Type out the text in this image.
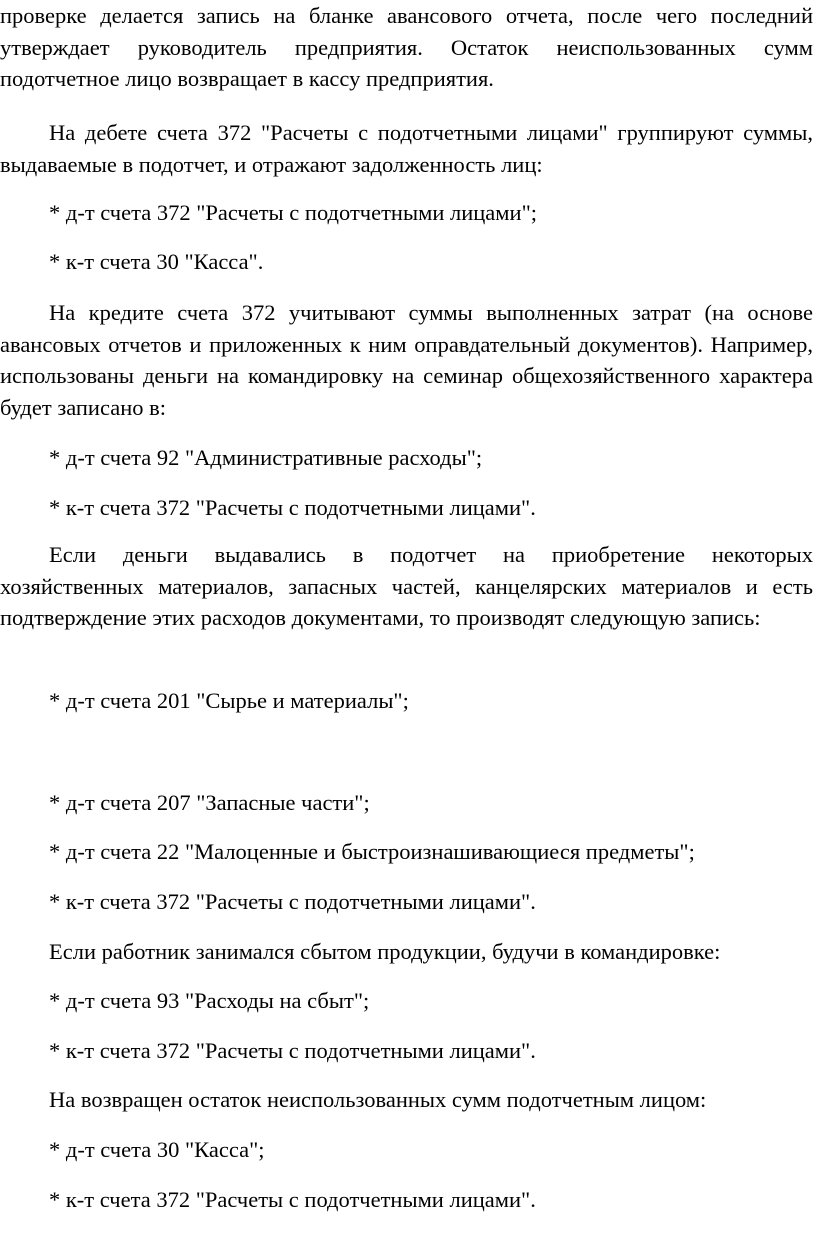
проверке делается запись на бланке авансового отчета, после чего последний утверждает руководитель предприятия. Остаток неиспользованных сумм подотчетное лицо возвращает в кассу предприятия.

На дебете счета 372 "Расчеты с подотчетными лицами" группируют суммы, выдаваемые в подотчет, и отражают задолженность лиц:

* д-т счета 372 "Расчеты с подотчетными лицами";

* к-т счета 30 "Касса".

На кредите счета 372 учитывают суммы выполненных затрат (на основе авансовых отчетов и приложенных к ним оправдательный документов). Например, использованы деньги на командировку на семинар общехозяйственного характера будет записано в:

* д-т счета 92 "Административные расходы";

* к-т счета 372 "Расчеты с подотчетными лицами".

Если деньги выдавались в подотчет на приобретение некоторых хозяйственных материалов, запасных частей, канцелярских материалов и есть подтверждение этих расходов документами, то производят следующую запись:

* д-т счета 201 "Сырье и материалы";

* д-т счета 207 "Запасные части";

* д-т счета 22 "Малоценные и быстроизнашивающиеся предметы";

* к-т счета 372 "Расчеты с подотчетными лицами".

Если работник занимался сбытом продукции, будучи в командировке:

* д-т счета 93 "Расходы на сбыт";

* к-т счета 372 "Расчеты с подотчетными лицами".

На возвращен остаток неиспользованных сумм подотчетным лицом:

* д-т счета 30 "Касса";

* к-т счета 372 "Расчеты с подотчетными лицами".
